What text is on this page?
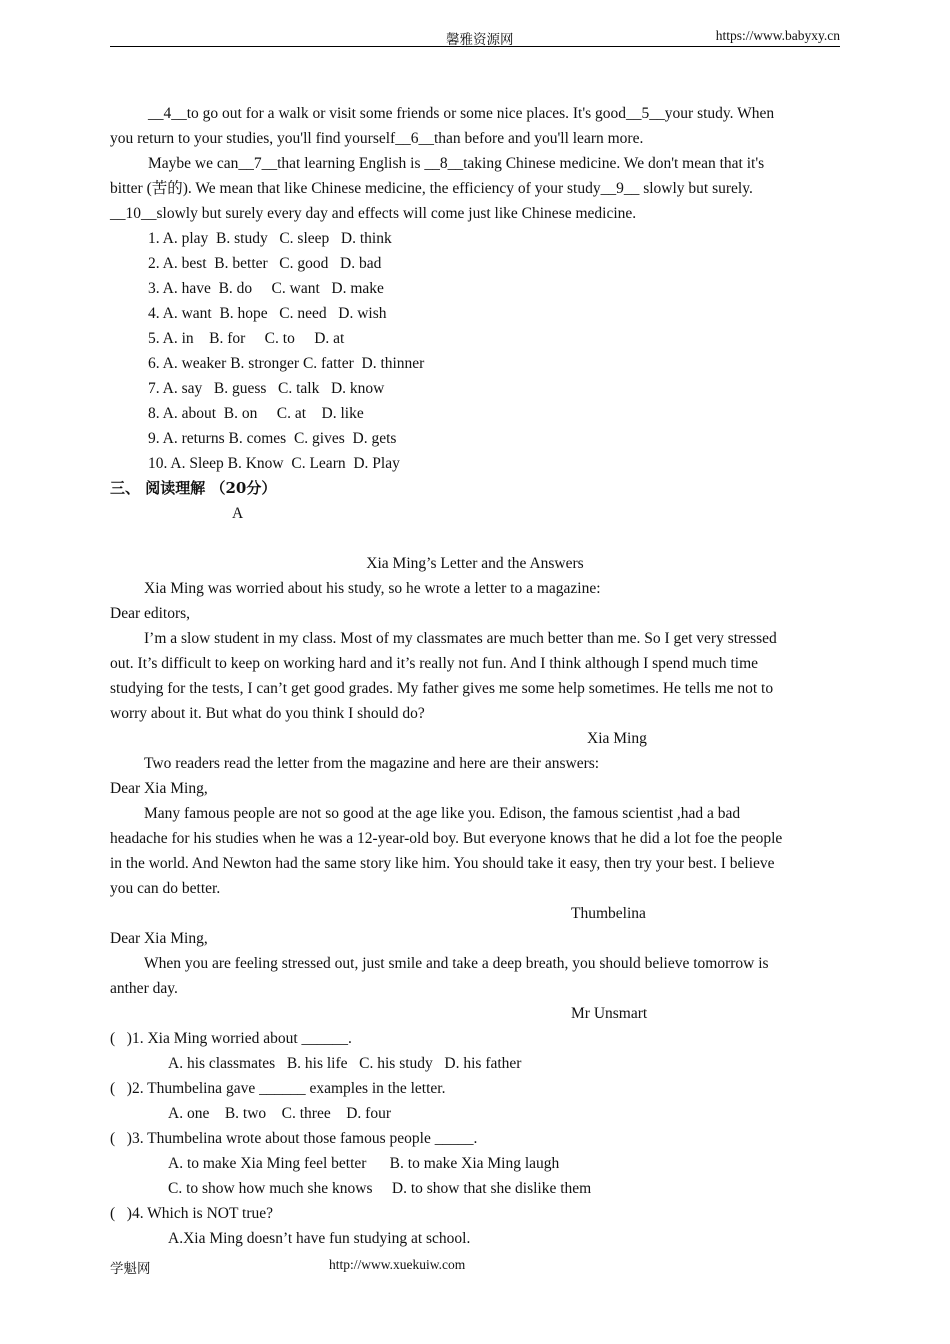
馨雅资源网	https://www.babyxy.cn
__4__to go out for a walk or visit some friends or some nice places. It's good__5__your study. When
you return to your studies, you'll find yourself__6__than before and you'll learn more.
Maybe we can__7__that learning English is __8__taking Chinese medicine. We don't mean that it's
bitter (苦的). We mean that like Chinese medicine, the efficiency of your study__9__ slowly but surely.
__10__slowly but surely every day and effects will come just like Chinese medicine.
1. A. play  B. study   C. sleep   D. think
2. A. best  B. better   C. good   D. bad
3. A. have  B. do     C. want   D. make
4. A. want  B. hope   C. need   D. wish
5. A. in    B. for     C. to     D. at
6. A. weaker B. stronger C. fatter  D. thinner
7. A. say   B. guess   C. talk   D. know
8. A. about  B. on     C. at    D. like
9. A. returns B. comes  C. gives  D. gets
10. A. Sleep B. Know  C. Learn  D. Play
三、 阅读理解 （20分）
A
Xia Ming’s Letter and the Answers
Xia Ming was worried about his study, so he wrote a letter to a magazine:
Dear editors,
I’m a slow student in my class. Most of my classmates are much better than me. So I get very stressed
out. It’s difficult to keep on working hard and it’s really not fun. And I think although I spend much time
studying for the tests, I can’t get good grades. My father gives me some help sometimes. He tells me not to
worry about it. But what do you think I should do?
Xia Ming
Two readers read the letter from the magazine and here are their answers:
Dear Xia Ming,
Many famous people are not so good at the age like you. Edison, the famous scientist ,had a bad
headache for his studies when he was a 12-year-old boy. But everyone knows that he did a lot foe the people
in the world. And Newton had the same story like him. You should take it easy, then try your best. I believe
you can do better.
Thumbelina
Dear Xia Ming,
When you are feeling stressed out, just smile and take a deep breath, you should believe tomorrow is
anther day.
Mr Unsmart
(   )1. Xia Ming worried about ______.
A. his classmates   B. his life   C. his study   D. his father
(   )2. Thumbelina gave ______ examples in the letter.
A. one    B. two    C. three    D. four
(   )3. Thumbelina wrote about those famous people _____.
A. to make Xia Ming feel better      B. to make Xia Ming laugh
C. to show how much she knows     D. to show that she dislike them
(   )4. Which is NOT true?
A.Xia Ming doesn’t have fun studying at school.
学魁网	http://www.xuekuiw.com
